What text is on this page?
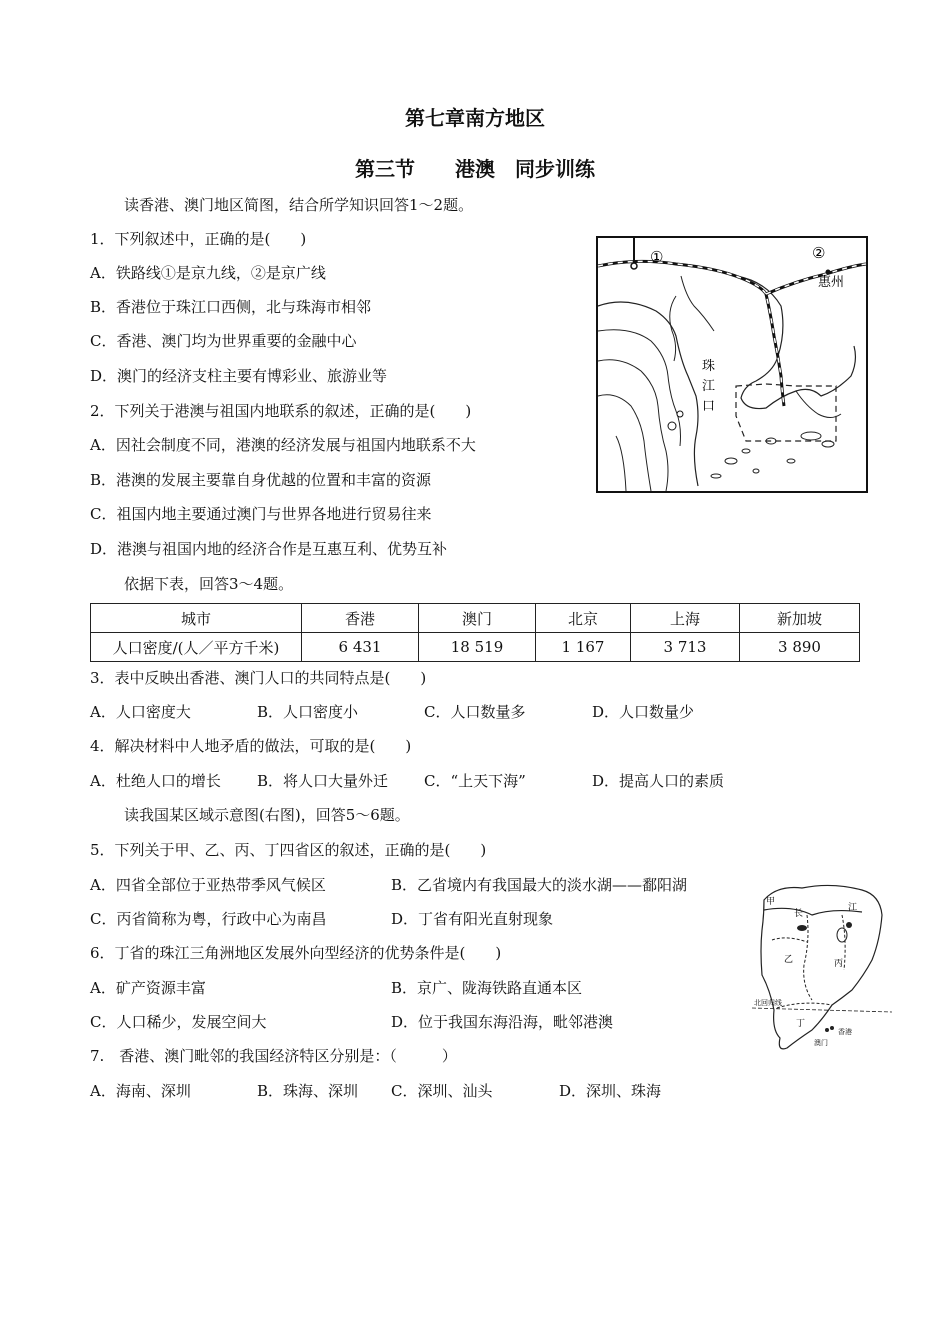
第七章南方地区
第三节　　港澳　同步训练
读香港、澳门地区简图，结合所学知识回答1～2题。
1．下列叙述中，正确的是(　　)
A．铁路线①是京九线，②是京广线
B．香港位于珠江口西侧，北与珠海市相邻
C．香港、澳门均为世界重要的金融中心
D．澳门的经济支柱主要有博彩业、旅游业等
2．下列关于港澳与祖国内地联系的叙述，正确的是(　　)
A．因社会制度不同，港澳的经济发展与祖国内地联系不大
B．港澳的发展主要靠自身优越的位置和丰富的资源
C．祖国内地主要通过澳门与世界各地进行贸易往来
D．港澳与祖国内地的经济合作是互惠互利、优势互补
依据下表，回答3～4题。
城市	香港	澳门	北京	上海	新加坡
人口密度/(人／平方千米)	6 431	18 519	1 167	3 713	3 890
3．表中反映出香港、澳门人口的共同特点是(　　)
A．人口密度大	B．人口密度小	C．人口数量多	D．人口数量少
4．解决材料中人地矛盾的做法，可取的是(　　)
A．杜绝人口的增长 B．将人口大量外迁 C．“上天下海”	D．提高人口的素质
读我国某区域示意图(右图)，回答5～6题。
5．下列关于甲、乙、丙、丁四省区的叙述，正确的是(　　)
A．四省全部位于亚热带季风气候区	B．乙省境内有我国最大的淡水湖——鄱阳湖
C．丙省简称为粤，行政中心为南昌	D．丁省有阳光直射现象
6．丁省的珠江三角洲地区发展外向型经济的优势条件是(　　)
A．矿产资源丰富	B．京广、陇海铁路直通本区
C．人口稀少，发展空间大	D．位于我国东海沿海，毗邻港澳
7.　香港、澳门毗邻的我国经济特区分别是：（　　　）
A．海南、深圳	B．珠海、深圳 C．深圳、汕头	D．深圳、珠海
①	②
惠州
珠
江
口
甲
长
江
乙	丙
北回归线
丁
香港
澳门
